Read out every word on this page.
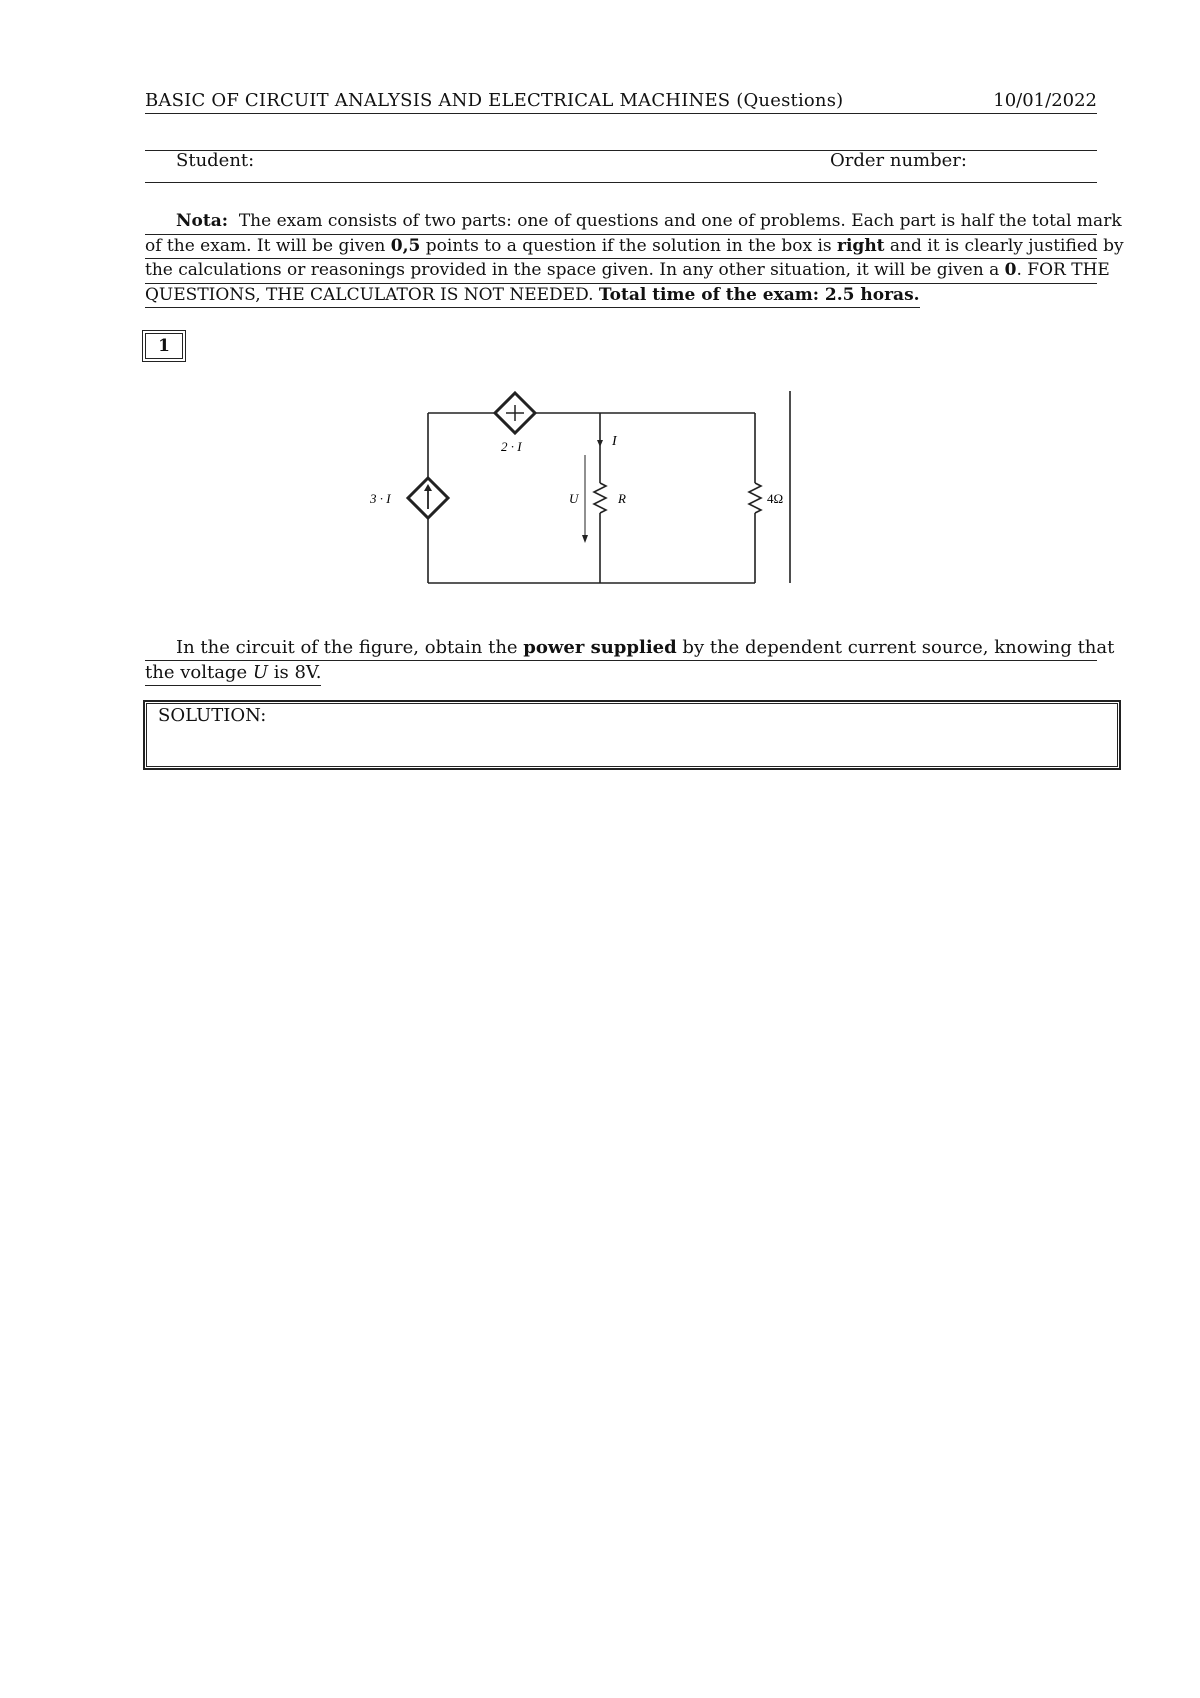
BASIC OF CIRCUIT ANALYSIS AND ELECTRICAL MACHINES (Questions)	10/01/2022
Student:	Order number:
Nota: The exam consists of two parts: one of questions and one of problems. Each part is half the total mark
of the exam. It will be given 0,5 points to a question if the solution in the box is right and it is clearly justified by
the calculations or reasonings provided in the space given. In any other situation, it will be given a 0. FOR THE
QUESTIONS, THE CALCULATOR IS NOT NEEDED. Total time of the exam: 2.5 horas.
1
2 · I
3 · I
I
R
U	4Ω
In the circuit of the figure, obtain the power supplied by the dependent current source, knowing that
the voltage U is 8V.
SOLUTION:
